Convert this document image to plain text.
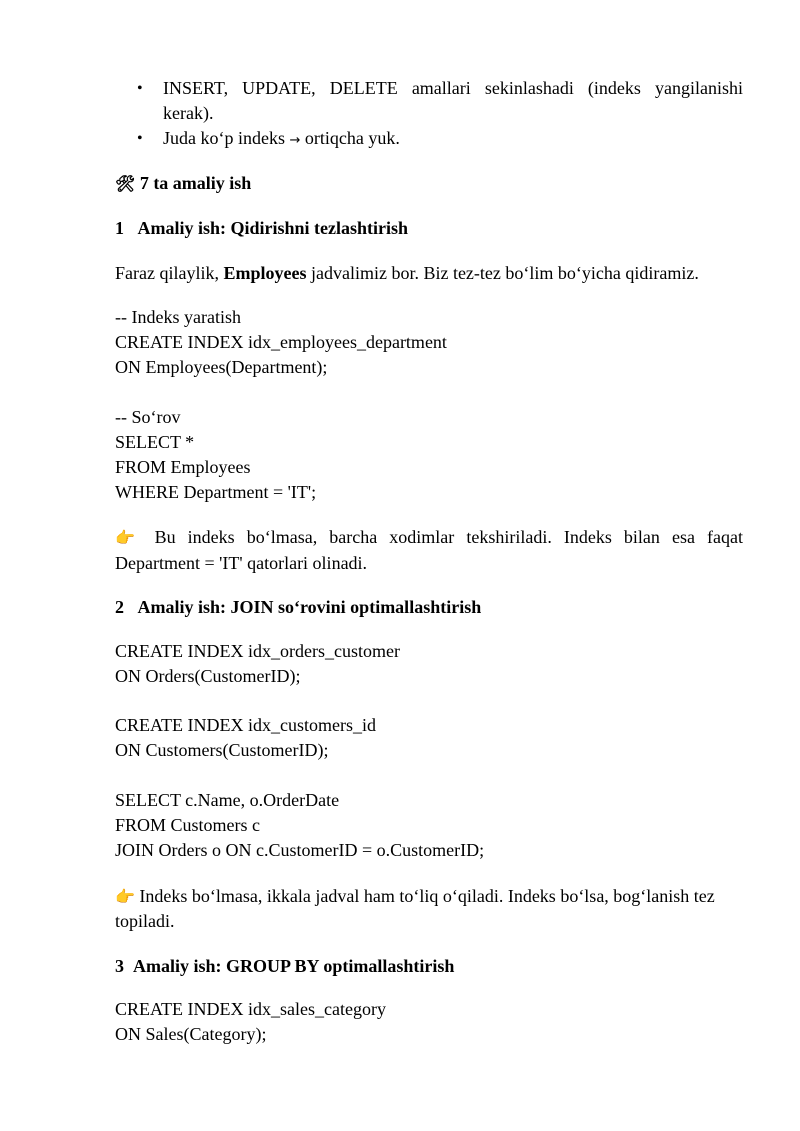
• INSERT, UPDATE, DELETE amallari sekinlashadi (indeks yangilanishi
kerak).
• Juda ko‘p indeks → ortiqcha yuk.
🛠 7 ta amaliy ish
1 Amaliy ish: Qidirishni tezlashtirish
Faraz qilaylik, Employees jadvalimiz bor. Biz tez-tez bo‘lim bo‘yicha qidiramiz.
-- Indeks yaratish
CREATE INDEX idx_employees_department
ON Employees(Department);
-- So‘rov
SELECT *
FROM Employees
WHERE Department = 'IT';
👉 Bu indeks bo‘lmasa, barcha xodimlar tekshiriladi. Indeks bilan esa faqat
Department = 'IT' qatorlari olinadi.
2 Amaliy ish: JOIN so‘rovini optimallashtirish
CREATE INDEX idx_orders_customer
ON Orders(CustomerID);
CREATE INDEX idx_customers_id
ON Customers(CustomerID);
SELECT c.Name, o.OrderDate
FROM Customers c
JOIN Orders o ON c.CustomerID = o.CustomerID;
👉 Indeks bo‘lmasa, ikkala jadval ham to‘liq o‘qiladi. Indeks bo‘lsa, bog‘lanish tez
topiladi.
3 Amaliy ish: GROUP BY optimallashtirish
CREATE INDEX idx_sales_category
ON Sales(Category);
